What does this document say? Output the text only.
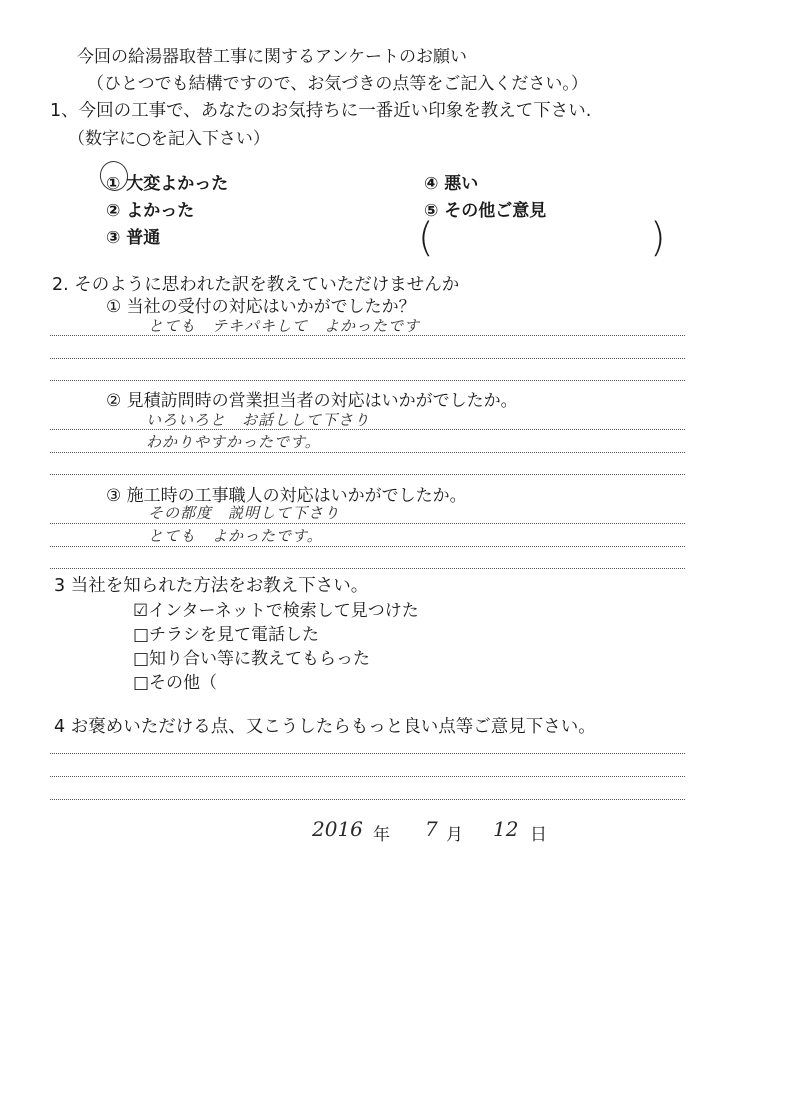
今回の給湯器取替工事に関するアンケートのお願い
（ひとつでも結構ですので、お気づきの点等をご記入ください。）
1、今回の工事で、あなたのお気持ちに一番近い印象を教えて下さい.
（数字に○を記入下さい）
① 大変よかった
② よかった
③ 普通
④ 悪い
⑤ その他ご意見
(	)
2. そのように思われた訳を教えていただけませんか
① 当社の受付の対応はいかがでしたか？
とても　テキパキして　よかったです
② 見積訪問時の営業担当者の対応はいかがでしたか。
いろいろと　お話しして下さり
わかりやすかったです。
③ 施工時の工事職人の対応はいかがでしたか。
その都度　説明して下さり
とても　よかったです。
3 当社を知られた方法をお教え下さい。
☑インターネットで検索して見つけた
□チラシを見て電話した
□知り合い等に教えてもらった
□その他（
4 お褒めいただける点、又こうしたらもっと良い点等ご意見下さい。
2016 年 7 月 12 日
